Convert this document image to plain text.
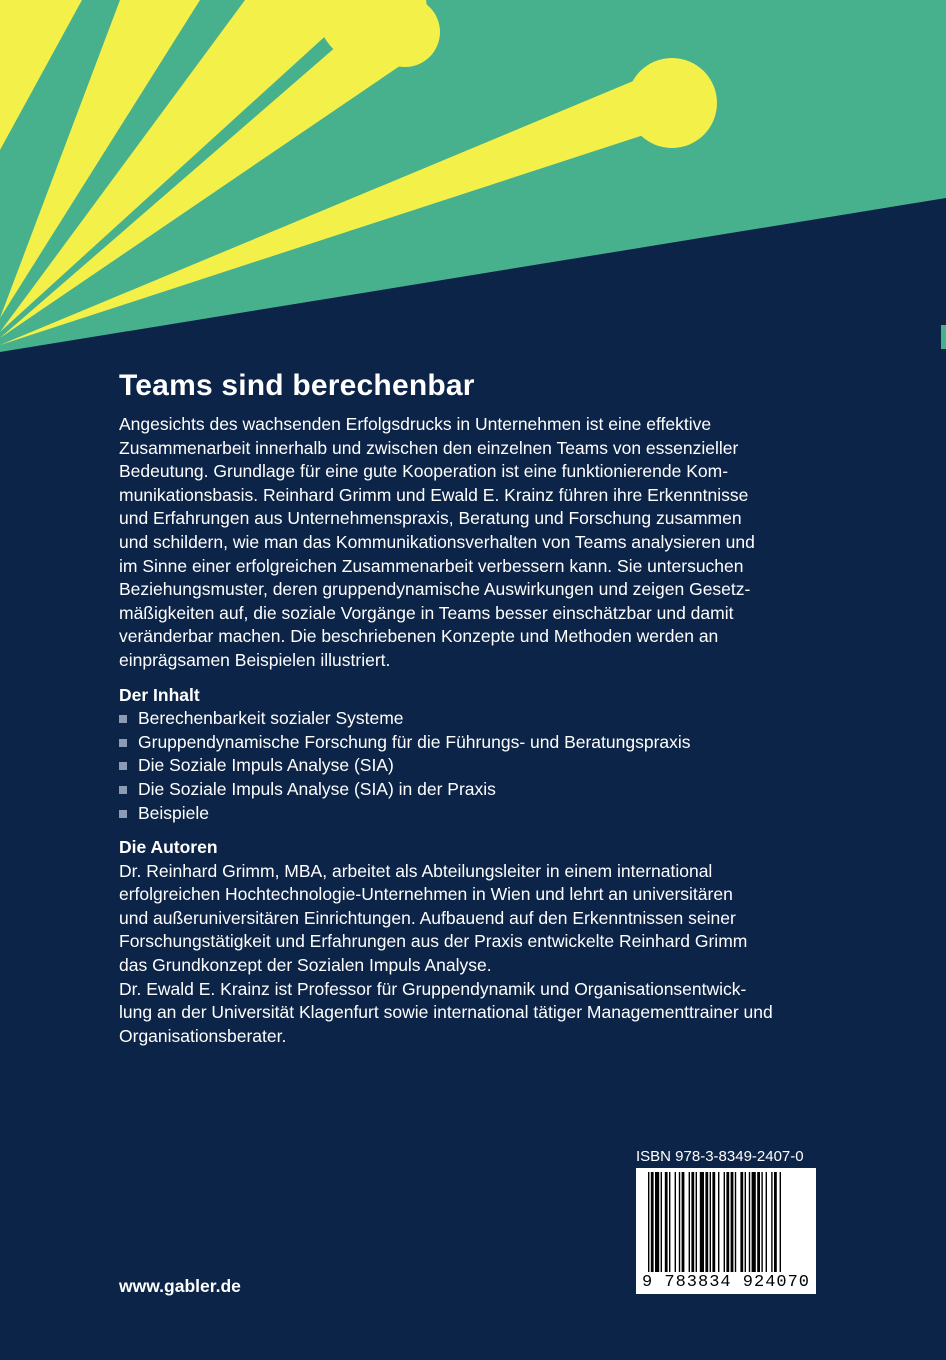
Teams sind berechenbar

Angesichts des wachsenden Erfolgsdrucks in Unternehmen ist eine effektive
Zusammenarbeit innerhalb und zwischen den einzelnen Teams von essenzieller
Bedeutung. Grundlage für eine gute Kooperation ist eine funktionierende Kom-
munikationsbasis. Reinhard Grimm und Ewald E. Krainz führen ihre Erkenntnisse
und Erfahrungen aus Unternehmenspraxis, Beratung und Forschung zusammen
und schildern, wie man das Kommunikationsverhalten von Teams analysieren und
im Sinne einer erfolgreichen Zusammenarbeit verbessern kann. Sie untersuchen
Beziehungsmuster, deren gruppendynamische Auswirkungen und zeigen Gesetz-
mäßigkeiten auf, die soziale Vorgänge in Teams besser einschätzbar und damit
veränderbar machen. Die beschriebenen Konzepte und Methoden werden an
einprägsamen Beispielen illustriert.

Der Inhalt
Berechenbarkeit sozialer Systeme
Gruppendynamische Forschung für die Führungs- und Beratungspraxis
Die Soziale Impuls Analyse (SIA)
Die Soziale Impuls Analyse (SIA) in der Praxis
Beispiele
Die Autoren

Dr. Reinhard Grimm, MBA, arbeitet als Abteilungsleiter in einem international
erfolgreichen Hochtechnologie-Unternehmen in Wien und lehrt an universitären
und außeruniversitären Einrichtungen. Aufbauend auf den Erkenntnissen seiner
Forschungstätigkeit und Erfahrungen aus der Praxis entwickelte Reinhard Grimm
das Grundkonzept der Sozialen Impuls Analyse.
Dr. Ewald E. Krainz ist Professor für Gruppendynamik und Organisationsentwick-
lung an der Universität Klagenfurt sowie international tätiger Managementtrainer und
Organisationsberater.

ISBN 978-3-8349-2407-0
9 783834 924070
www.gabler.de
